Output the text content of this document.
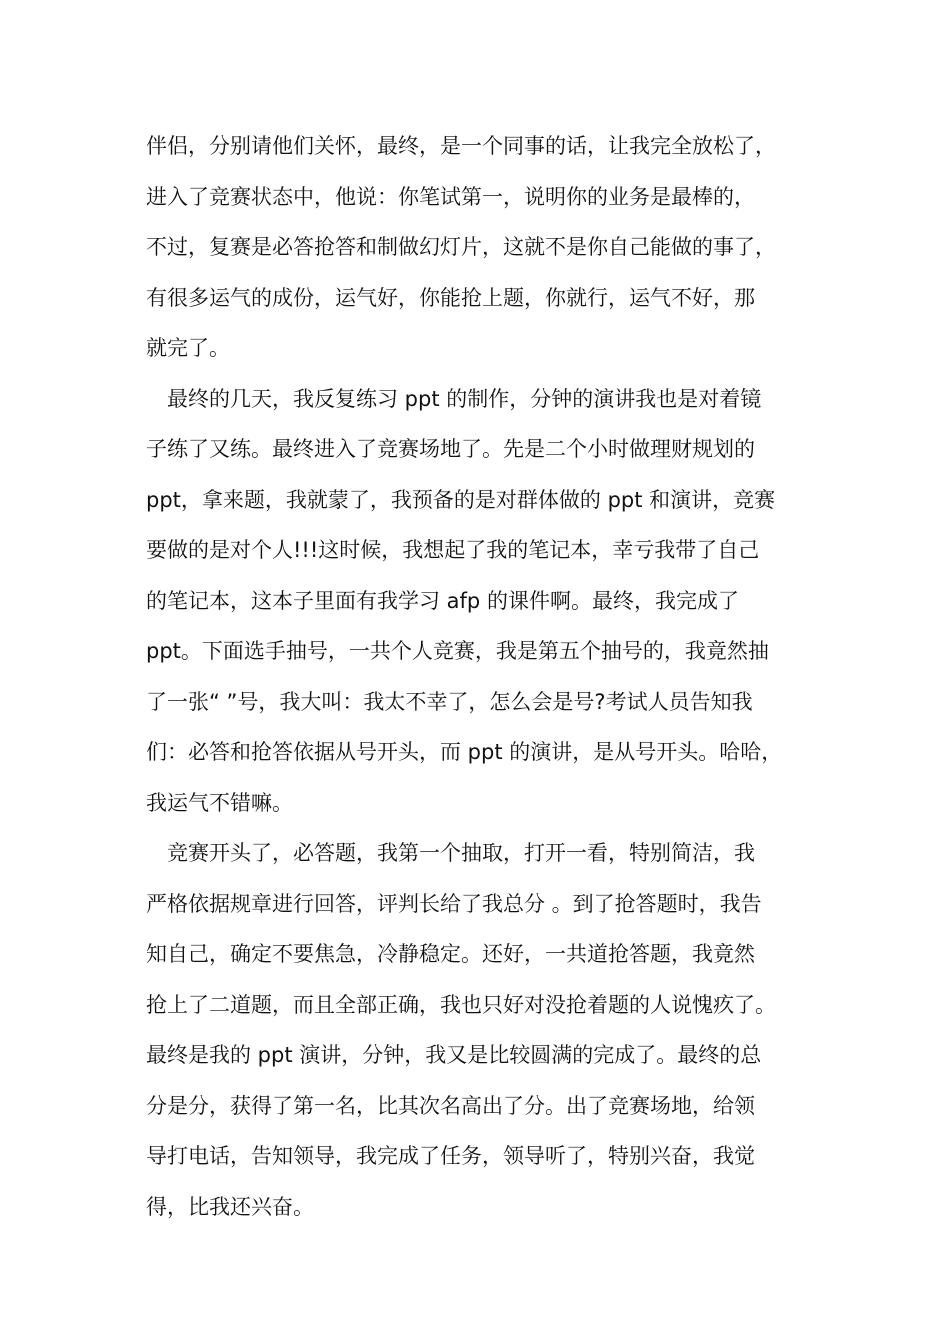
伴侣，分别请他们关怀，最终，是一个同事的话，让我完全放松了，
进入了竞赛状态中，他说：你笔试第一，说明你的业务是最棒的，
不过，复赛是必答抢答和制做幻灯片，这就不是你自己能做的事了，
有很多运气的成份，运气好，你能抢上题，你就行，运气不好，那
就完了。
最终的几天，我反复练习 ppt 的制作，分钟的演讲我也是对着镜
子练了又练。最终进入了竞赛场地了。先是二个小时做理财规划的
ppt，拿来题，我就蒙了，我预备的是对群体做的 ppt 和演讲，竞赛
要做的是对个人!!!这时候，我想起了我的笔记本，幸亏我带了自己
的笔记本，这本子里面有我学习 afp 的课件啊。最终，我完成了
ppt。下面选手抽号，一共个人竞赛，我是第五个抽号的，我竟然抽
了一张“ ”号，我大叫：我太不幸了，怎么会是号?考试人员告知我
们：必答和抢答依据从号开头，而 ppt 的演讲，是从号开头。哈哈，
我运气不错嘛。
竞赛开头了，必答题，我第一个抽取，打开一看，特别简洁，我
严格依据规章进行回答，评判长给了我总分 。到了抢答题时，我告
知自己，确定不要焦急，冷静稳定。还好，一共道抢答题，我竟然
抢上了二道题，而且全部正确，我也只好对没抢着题的人说愧疚了。
最终是我的 ppt 演讲，分钟，我又是比较圆满的完成了。最终的总
分是分，获得了第一名，比其次名高出了分。出了竞赛场地，给领
导打电话，告知领导，我完成了任务，领导听了，特别兴奋，我觉
得，比我还兴奋。
